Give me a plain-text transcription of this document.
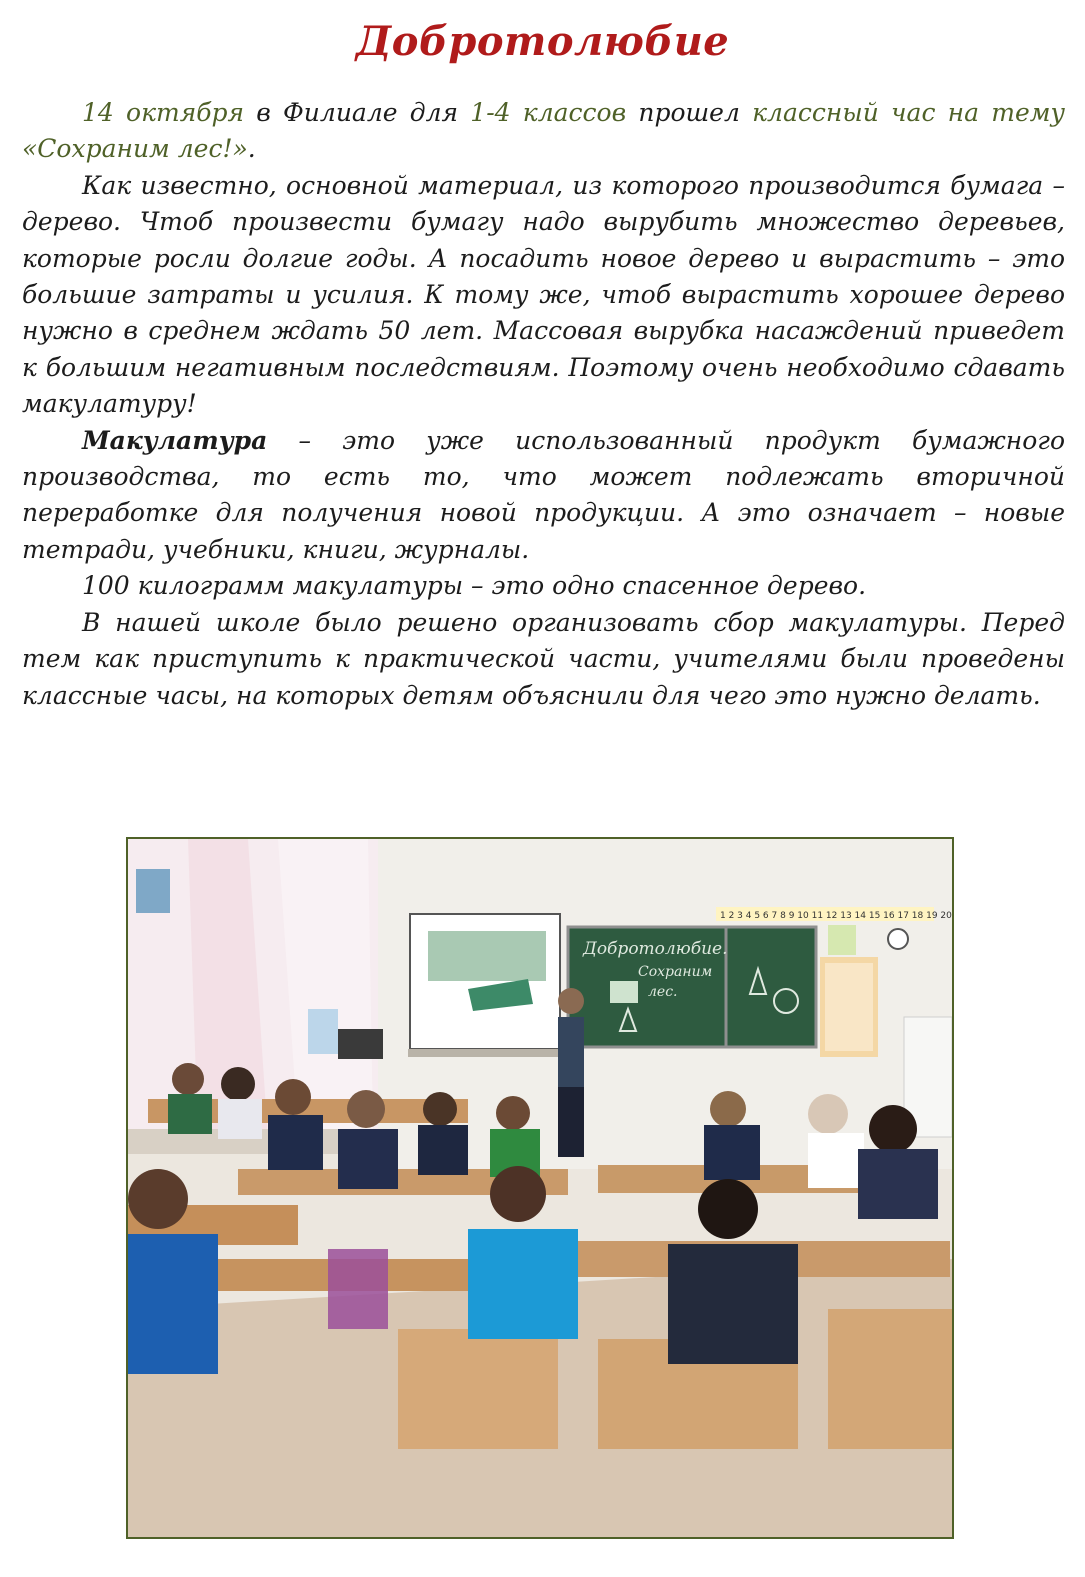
Добротолюбие

14 октября в Филиале для 1-4 классов прошел классный час на тему «Сохраним лес!».

Как известно, основной материал, из которого производится бумага – дерево. Чтоб произвести бумагу надо вырубить множество деревьев, которые росли долгие годы. А посадить новое дерево и вырастить – это большие затраты и усилия. К тому же, чтоб вырастить хорошее дерево нужно в среднем ждать 50 лет. Массовая вырубка насаждений приведет к большим негативным последствиям. Поэтому очень необходимо сдавать макулатуру!

Макулатура – это уже использованный продукт бумажного производства, то есть то, что может подлежать вторичной переработке для получения новой продукции. А это означает – новые тетради, учебники, книги, журналы.

100 килограмм макулатуры – это одно спасенное дерево.

В нашей школе было решено организовать сбор макулатуры. Перед тем как приступить к практической части, учителями были проведены классные часы, на которых детям объяснили для чего это нужно делать.

Добротолюбие.
Сохраним
лес.
1 2 3 4 5 6 7 8 9 10 11 12 13 14 15 16 17 18 19 20
